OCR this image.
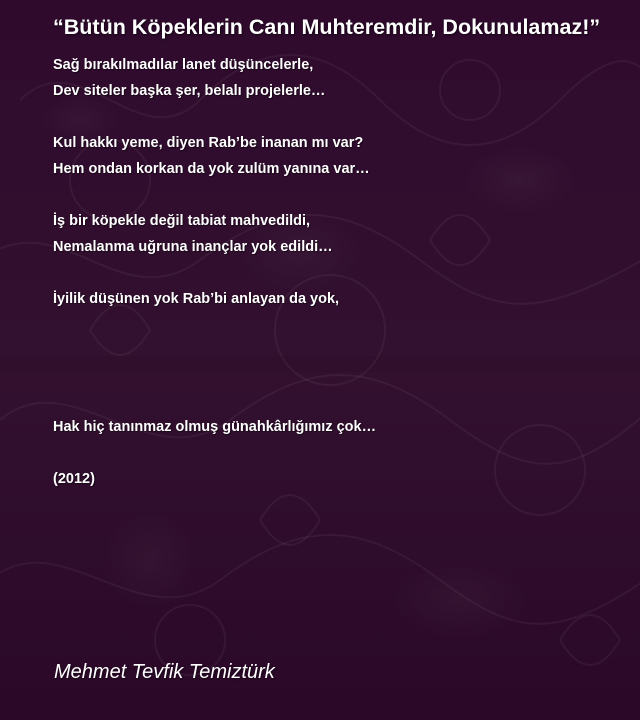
“Bütün Köpeklerin Canı Muhteremdir, Dokunulamaz!”
Sağ bırakılmadılar lanet düşüncelerle,
Dev siteler başka şer, belalı projelerle…
Kul hakkı yeme, diyen Rab’be inanan mı var?
Hem ondan korkan da yok zulüm yanına var…
İş bir köpekle değil tabiat mahvedildi,
Nemalanma uğruna inançlar yok edildi…
İyilik düşünen yok Rab’bi anlayan da yok,
Hak hiç tanınmaz olmuş günahkârlığımız çok…
(2012)
Mehmet Tevfik Temiztürk
